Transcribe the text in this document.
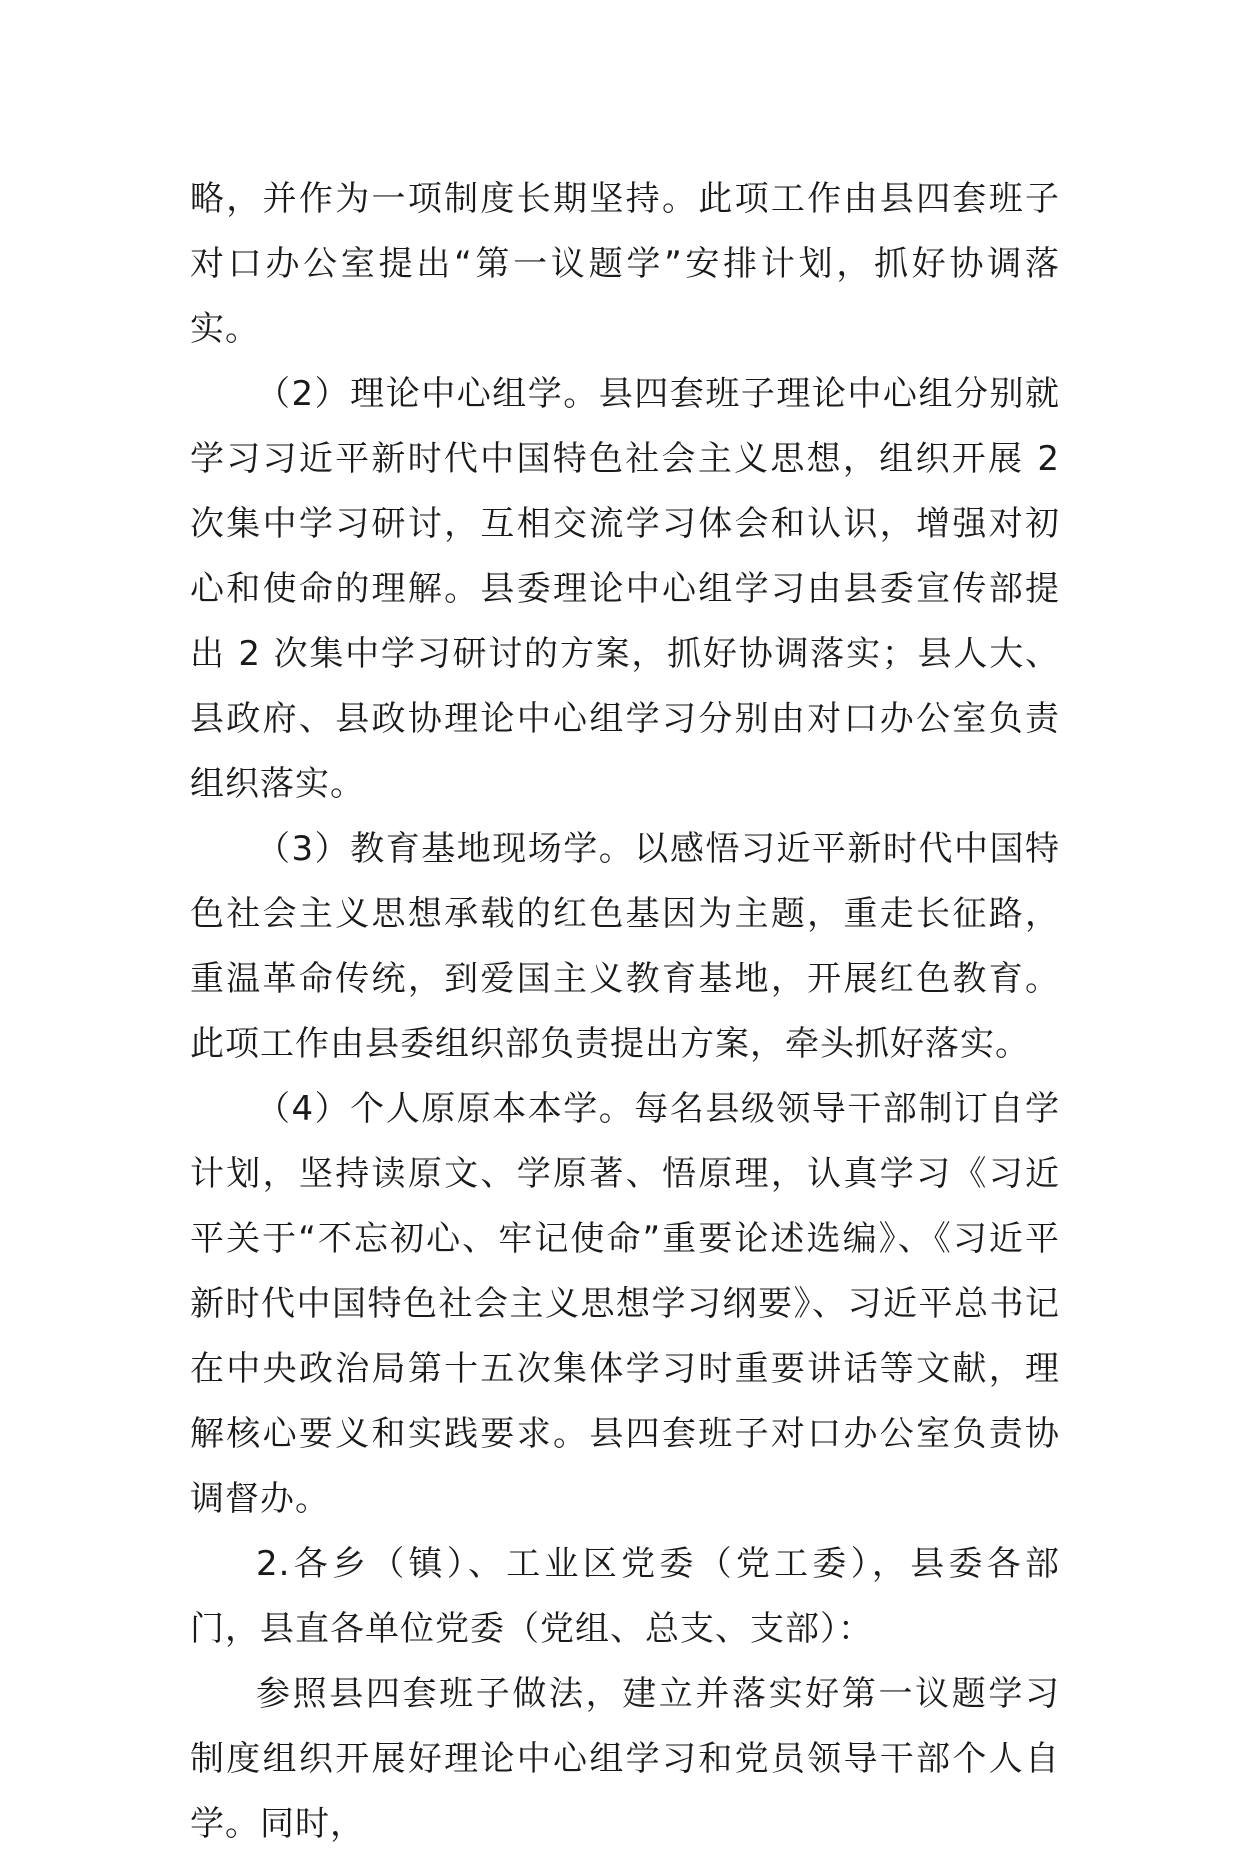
略，并作为一项制度长期坚持。此项工作由县四套班子对口办公室提出“第一议题学”安排计划，抓好协调落实。

（2）理论中心组学。县四套班子理论中心组分别就学习习近平新时代中国特色社会主义思想，组织开展 2 次集中学习研讨，互相交流学习体会和认识，增强对初心和使命的理解。县委理论中心组学习由县委宣传部提出 2 次集中学习研讨的方案，抓好协调落实；县人大、县政府、县政协理论中心组学习分别由对口办公室负责组织落实。

（3）教育基地现场学。以感悟习近平新时代中国特色社会主义思想承载的红色基因为主题，重走长征路，重温革命传统，到爱国主义教育基地，开展红色教育。此项工作由县委组织部负责提出方案，牵头抓好落实。

（4）个人原原本本学。每名县级领导干部制订自学计划，坚持读原文、学原著、悟原理，认真学习《习近平关于“不忘初心、牢记使命”重要论述选编》、《习近平新时代中国特色社会主义思想学习纲要》、习近平总书记在中央政治局第十五次集体学习时重要讲话等文献，理解核心要义和实践要求。县四套班子对口办公室负责协调督办。

2.各乡（镇）、工业区党委（党工委），县委各部门，县直各单位党委（党组、总支、支部）：

参照县四套班子做法，建立并落实好第一议题学习制度组织开展好理论中心组学习和党员领导干部个人自学。同时，
